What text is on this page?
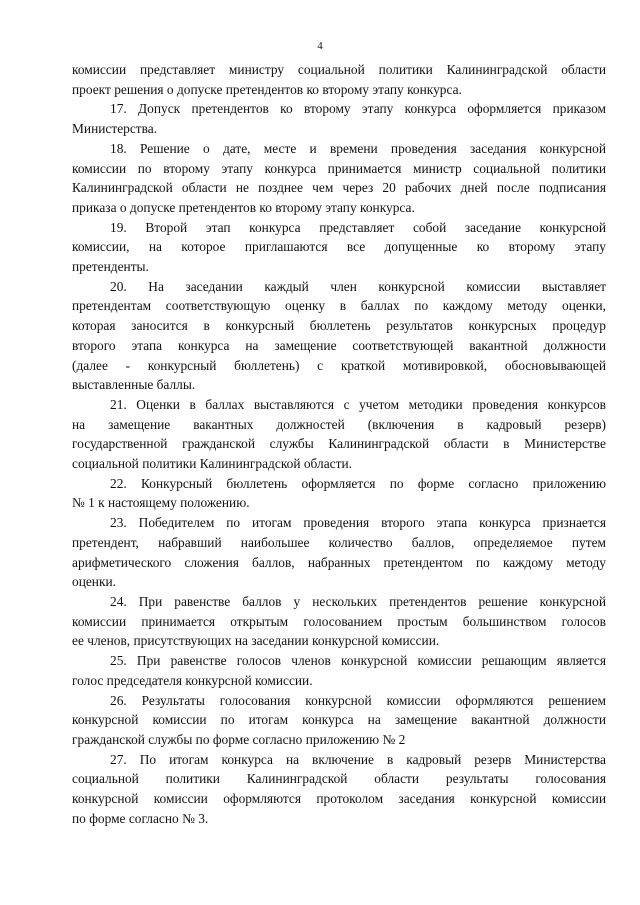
4
комиссии представляет министру социальной политики Калининградской области
проект решения о допуске претендентов ко второму этапу конкурса.
17. Допуск претендентов ко второму этапу конкурса оформляется приказом
Министерства.
18. Решение о дате, месте и времени проведения заседания конкурсной
комиссии по второму этапу конкурса принимается министр социальной политики
Калининградской области не позднее чем через 20 рабочих дней после подписания
приказа о допуске претендентов ко второму этапу конкурса.
19. Второй этап конкурса представляет собой заседание конкурсной
комиссии, на которое приглашаются все допущенные ко второму этапу
претенденты.
20. На заседании каждый член конкурсной комиссии выставляет
претендентам соответствующую оценку в баллах по каждому методу оценки,
которая заносится в конкурсный бюллетень результатов конкурсных процедур
второго этапа конкурса на замещение соответствующей вакантной должности
(далее - конкурсный бюллетень) с краткой мотивировкой, обосновывающей
выставленные баллы.
21. Оценки в баллах выставляются с учетом методики проведения конкурсов
на замещение вакантных должностей (включения в кадровый резерв)
государственной гражданской службы Калининградской области в Министерстве
социальной политики Калининградской области.
22. Конкурсный бюллетень оформляется по форме согласно приложению
№ 1 к настоящему положению.
23. Победителем по итогам проведения второго этапа конкурса признается
претендент, набравший наибольшее количество баллов, определяемое путем
арифметического сложения баллов, набранных претендентом по каждому методу
оценки.
24. При равенстве баллов у нескольких претендентов решение конкурсной
комиссии принимается открытым голосованием простым большинством голосов
ее членов, присутствующих на заседании конкурсной комиссии.
25. При равенстве голосов членов конкурсной комиссии решающим является
голос председателя конкурсной комиссии.
26. Результаты голосования конкурсной комиссии оформляются решением
конкурсной комиссии по итогам конкурса на замещение вакантной должности
гражданской службы по форме согласно приложению № 2
27. По итогам конкурса на включение в кадровый резерв Министерства
социальной политики Калининградской области результаты голосования
конкурсной комиссии оформляются протоколом заседания конкурсной комиссии
по форме согласно № 3.
